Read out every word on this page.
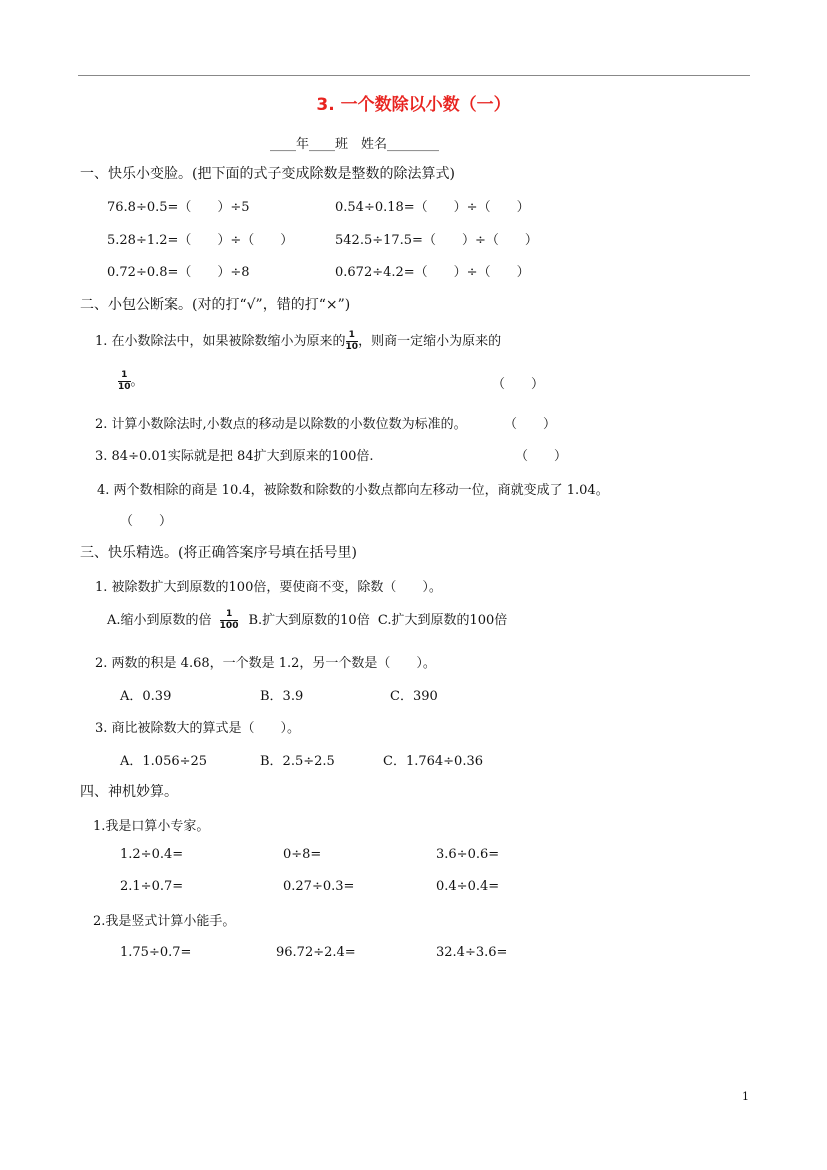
3. 一个数除以小数（一）
____年____班　姓名________
一、快乐小变脸。(把下面的式子变成除数是整数的除法算式)
76.8÷0.5=（　　）÷5	0.54÷0.18=（　　）÷（　　）
5.28÷1.2=（　　）÷（　　）	542.5÷17.5=（　　）÷（　　）
0.72÷0.8=（　　）÷8	0.672÷4.2=（　　）÷（　　）
二、小包公断案。(对的打“√”，错的打“×”)
1. 在小数除法中，如果被除数缩小为原来的 $\frac{1}{10}$ ，则商一定缩小为原来的
$\frac{1}{10}$ 。	（　　）
2. 计算小数除法时,小数点的移动是以除数的小数位数为标准的。	（　　）
3. 84÷0.01实际就是把 84扩大到原来的100倍.	（　　）
4. 两个数相除的商是 10.4，被除数和除数的小数点都向左移动一位，商就变成了 1.04。
（　　）
三、快乐精选。(将正确答案序号填在括号里)
1. 被除数扩大到原数的100倍，要使商不变，除数（　　）。
A.缩小到原数的倍 $\frac{1}{100} B$.扩大到原数的10倍 C.扩大到原数的100倍
2. 两数的积是 4.68，一个数是 1.2，另一个数是（　　）。
A．0.39	B．3.9	C．390
3. 商比被除数大的算式是（　　）。
A．1.056÷25	B．2.5÷2.5	C．1.764÷0.36
四、神机妙算。
1.我是口算小专家。
1.2÷0.4=	0÷8=	3.6÷0.6=
2.1÷0.7=	0.27÷0.3=	0.4÷0.4=
2.我是竖式计算小能手。
1.75÷0.7=	96.72÷2.4=	32.4÷3.6=
1
